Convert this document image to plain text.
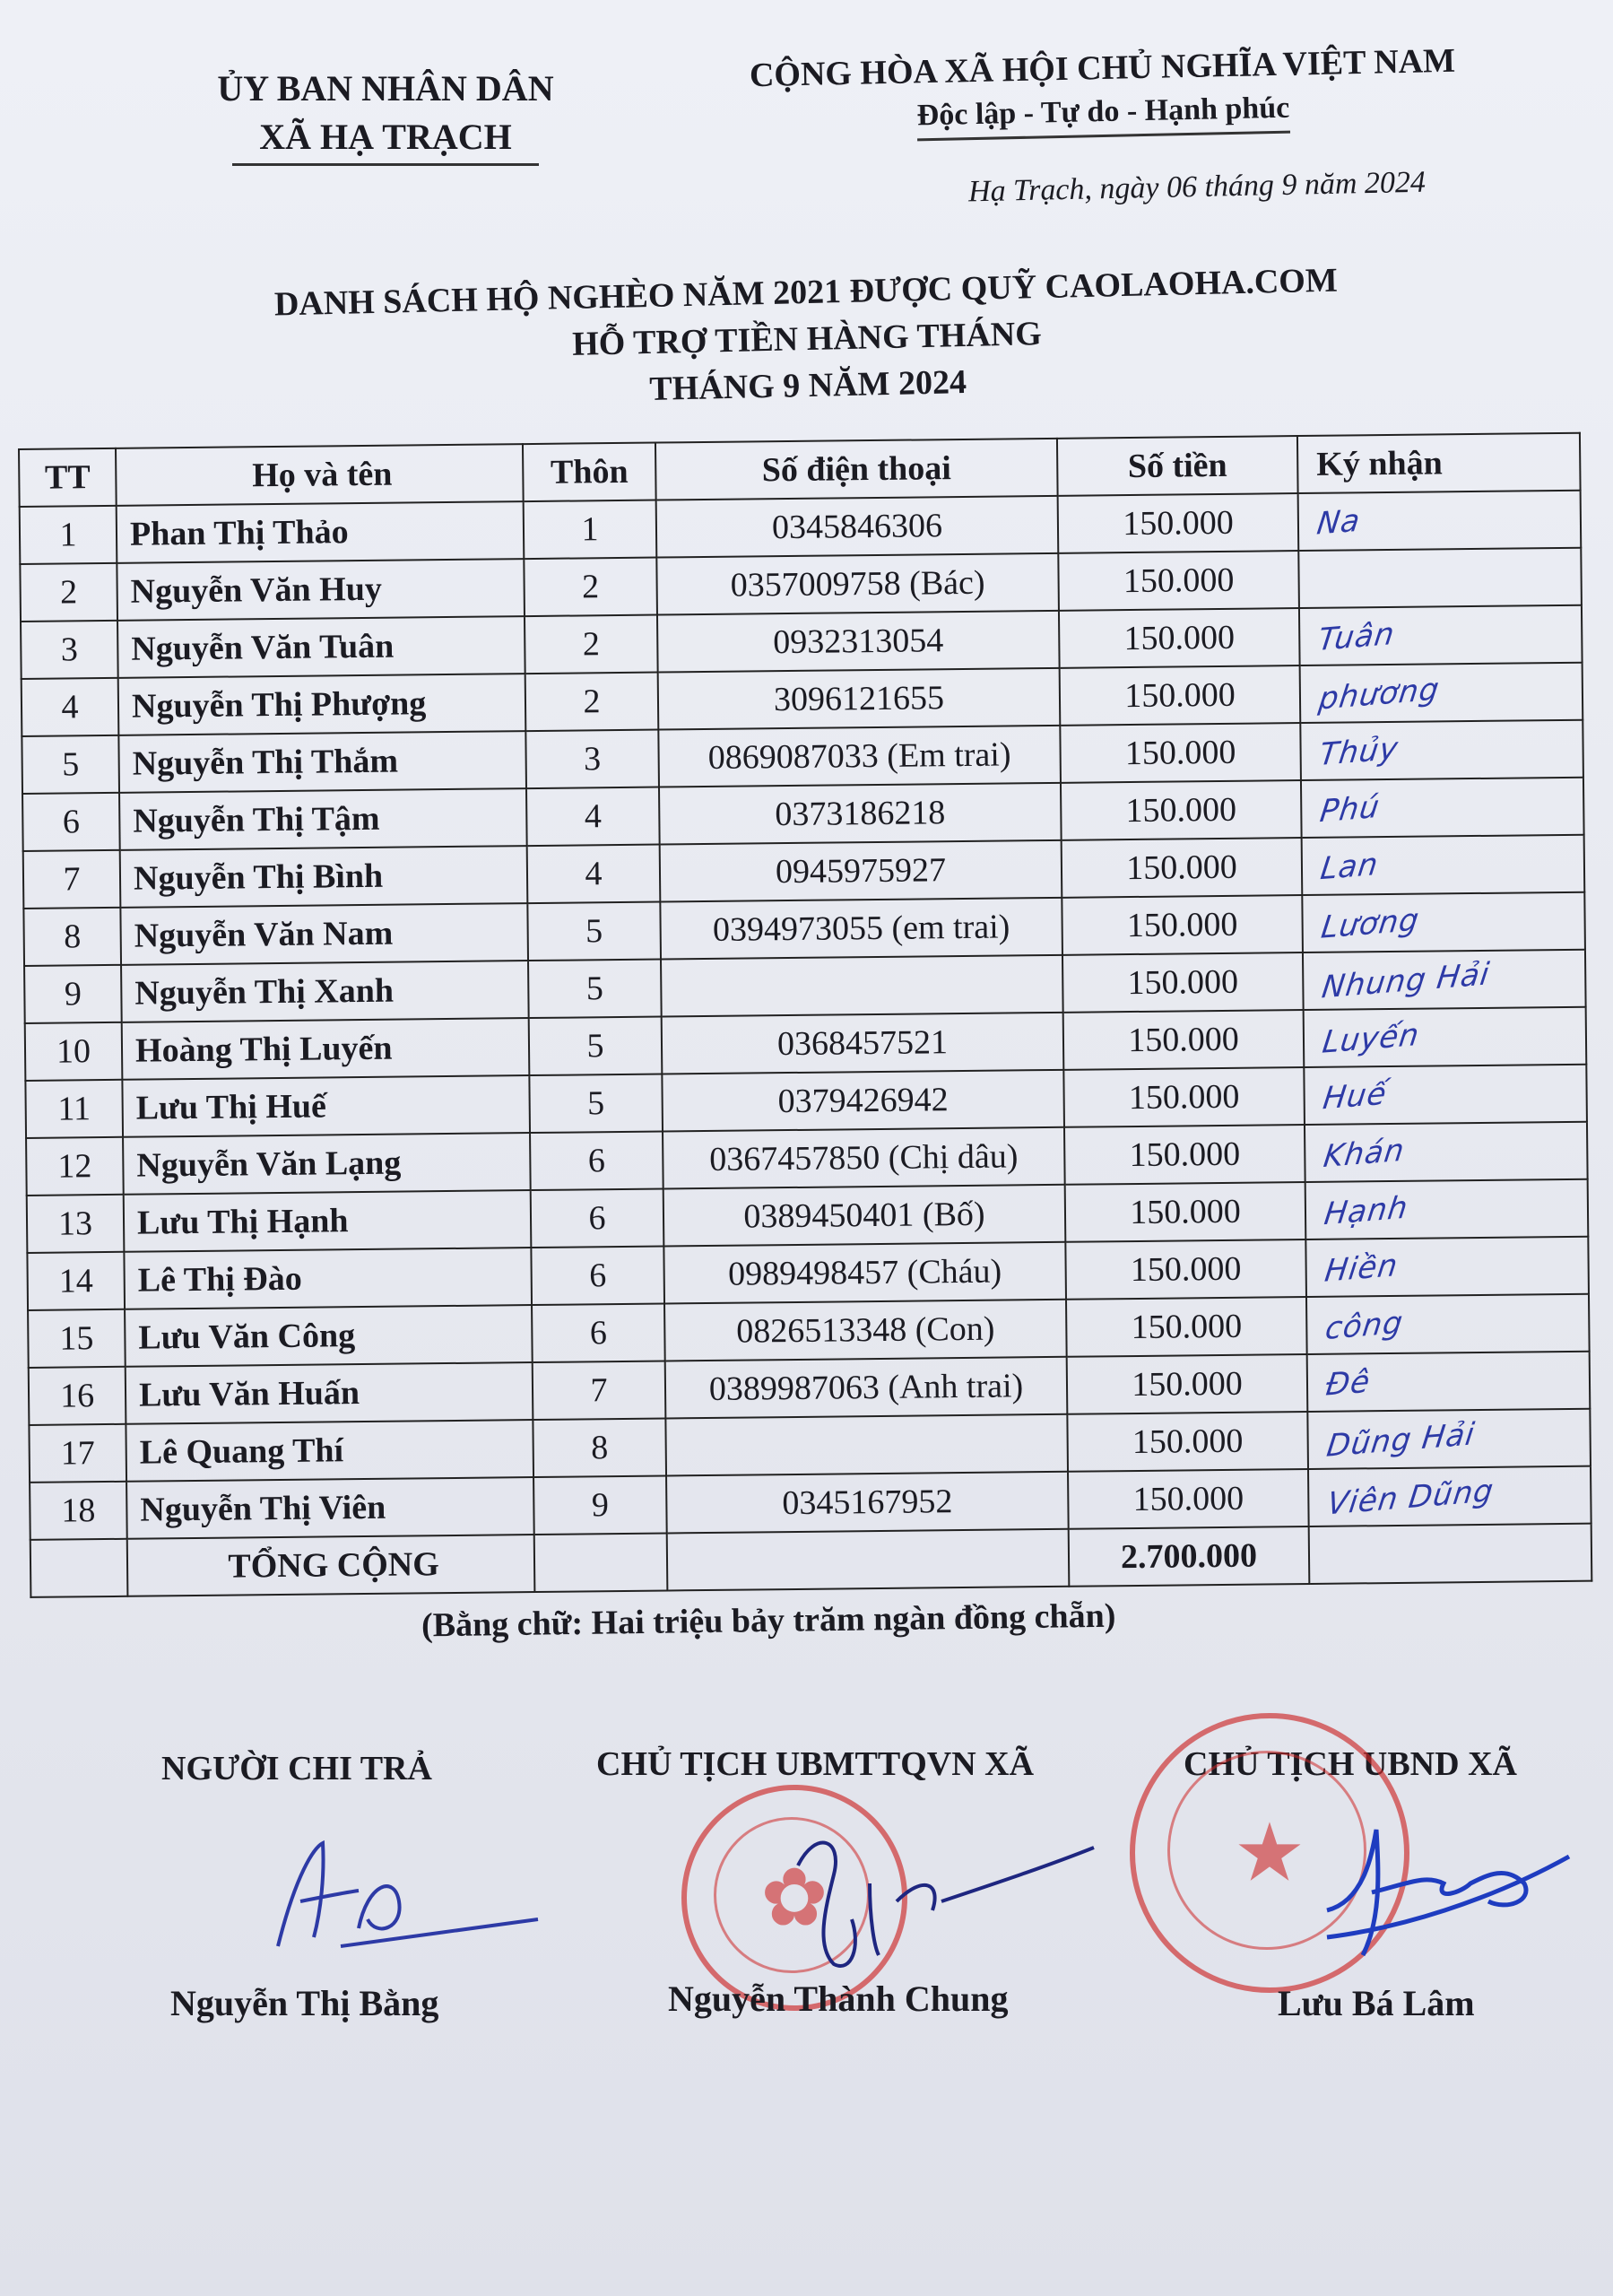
ỦY BAN NHÂN DÂN
XÃ HẠ TRẠCH
CỘNG HÒA XÃ HỘI CHỦ NGHĨA VIỆT NAM
Độc lập - Tự do - Hạnh phúc
Hạ Trạch, ngày 06 tháng 9 năm 2024
DANH SÁCH HỘ NGHÈO NĂM 2021 ĐƯỢC QUỸ CAOLAOHA.COM
HỖ TRỢ TIỀN HÀNG THÁNG
THÁNG 9 NĂM 2024
TT	Họ và tên	Thôn	Số điện thoại	Số tiền	Ký nhận
1	Phan Thị Thảo	1	0345846306	150.000	Na
2	Nguyễn Văn Huy	2	0357009758 (Bác)	150.000	
3	Nguyễn Văn Tuân	2	0932313054	150.000	Tuân
4	Nguyễn Thị Phượng	2	3096121655	150.000	phương
5	Nguyễn Thị Thắm	3	0869087033 (Em trai)	150.000	Thủy
6	Nguyễn Thị Tậm	4	0373186218	150.000	Phú
7	Nguyễn Thị Bình	4	0945975927	150.000	Lan
8	Nguyễn Văn Nam	5	0394973055 (em trai)	150.000	Lương
9	Nguyễn Thị Xanh	5		150.000	Nhung Hải
10	Hoàng Thị Luyến	5	0368457521	150.000	Luyến
11	Lưu Thị Huế	5	0379426942	150.000	Huế
12	Nguyễn Văn Lạng	6	0367457850 (Chị dâu)	150.000	Khán
13	Lưu Thị Hạnh	6	0389450401 (Bố)	150.000	Hạnh
14	Lê Thị Đào	6	0989498457 (Cháu)	150.000	Hiền
15	Lưu Văn Công	6	0826513348 (Con)	150.000	công
16	Lưu Văn Huấn	7	0389987063 (Anh trai)	150.000	Đê
17	Lê Quang Thí	8		150.000	Dũng Hải
18	Nguyễn Thị Viên	9	0345167952	150.000	Viên Dũng
	TỔNG CỘNG			2.700.000	
(Bằng chữ: Hai triệu bảy trăm ngàn đồng chẵn)
NGƯỜI CHI TRẢ
Nguyễn Thị Bằng
CHỦ TỊCH UBMTTQVN XÃ
✿
Nguyễn Thành Chung
CHỦ TỊCH UBND XÃ
★
Lưu Bá Lâm
